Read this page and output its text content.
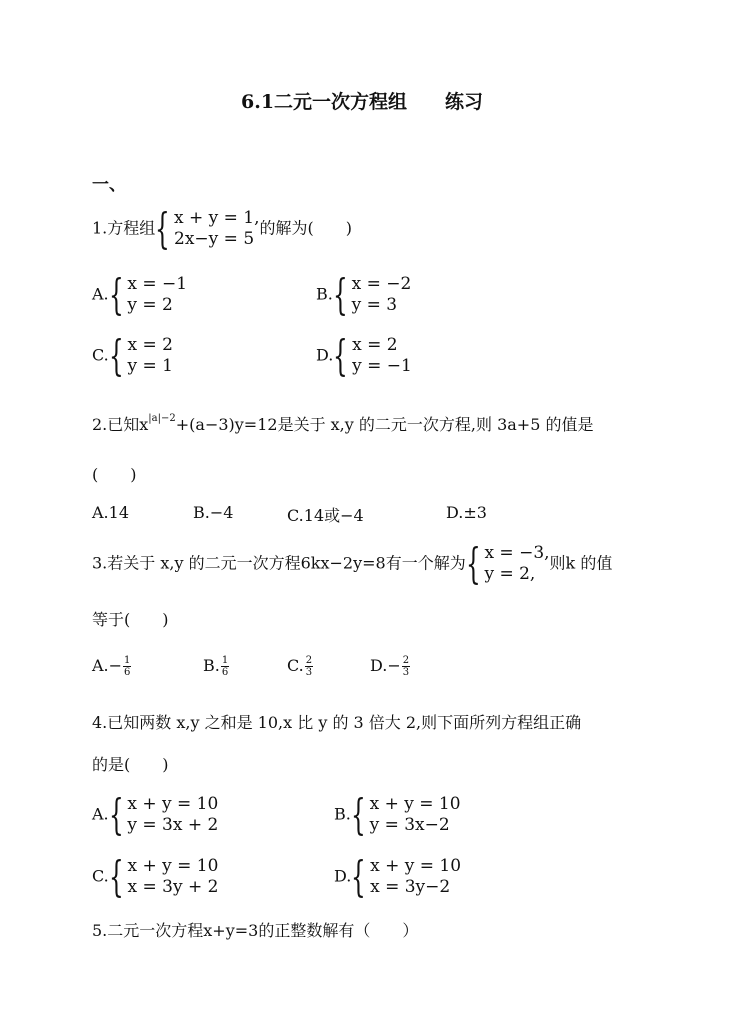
6.1二元一次方程组　　练习
一、
1.方程组 { x + y = 1,
2x−y = 5
的解为(　　)
A. { x = −1
y = 2
B. { x = −2
y = 3
C. { x = 2
y = 1
D. { x = 2
y = −1
2.已知$x^{|a|-2}+(a-3)y=12$是关于 x,y 的二元一次方程,则 3a+5 的值是
(　　)
A.14	B.−4	C.14或−4	D.±3
3.若关于 x,y 的二元一次方程6kx−2y=8有一个解为 { x = −3,
y = 2,
则k 的值
等于(　　)
$A.- \frac{1}{6}$	B. $\frac{1}{6}$	C. $\frac{2}{3}$	$D.- \frac{2}{3}$
4.已知两数 x,y 之和是 10,x 比 y 的 3 倍大 2,则下面所列方程组正确
的是(　　)
A. { x + y = 10
y = 3x + 2
B. { x + y = 10
y = 3x−2
C. { x + y = 10
x = 3y + 2
D. { x + y = 10
x = 3y−2
5.二元一次方程x+y=3的正整数解有（　　）
